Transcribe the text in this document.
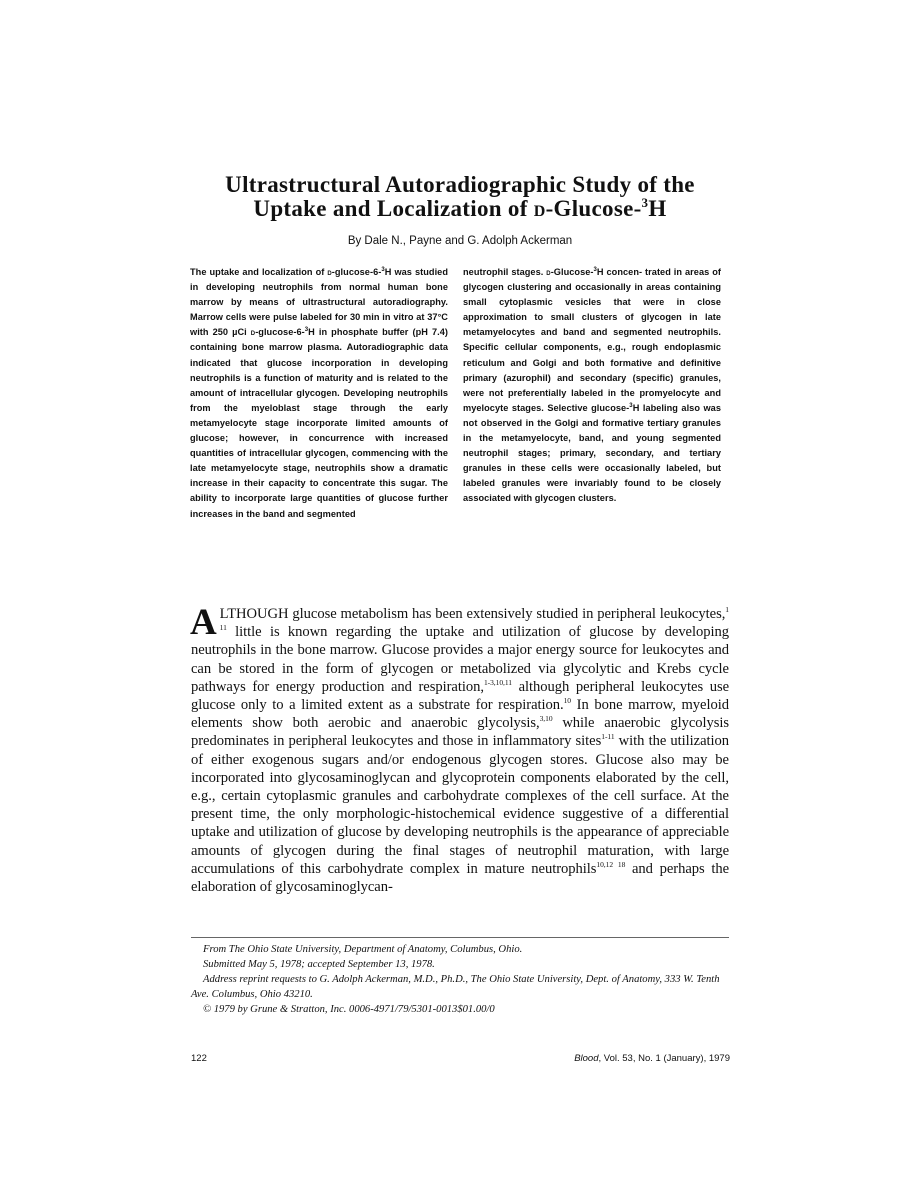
Ultrastructural Autoradiographic Study of the
Uptake and Localization of d-Glucose-$^3$H
By Dale N., Payne and G. Adolph Ackerman
The uptake and localization of d-glucose-6-$^3$H was studied in developing neutrophils from normal human bone marrow by means of ultrastructural autoradiography. Marrow cells were pulse labeled for 30 min in vitro at 37°C with 250 µCi d-glucose-6-$^3$H in phosphate buffer (pH 7.4) containing bone marrow plasma. Autoradiographic data indicated that glucose incorporation in developing neutrophils is a function of maturity and is related to the amount of intracellular glycogen. Developing neutrophils from the myeloblast stage through the early metamyelocyte stage incorporate limited amounts of glucose; however, in concurrence with increased quantities of intracellular glycogen, commencing with the late metamyelocyte stage, neutrophils show a dramatic increase in their capacity to concentrate this sugar. The ability to incorporate large quantities of glucose further increases in the band and segmented
neutrophil stages. d-Glucose-$^3$H concen- trated in areas of glycogen clustering and occasionally in areas containing small cytoplasmic vesicles that were in close approximation to small clusters of glycogen in late metamyelocytes and band and segmented neutrophils. Specific cellular components, e.g., rough endoplasmic reticulum and Golgi and both formative and definitive primary (azurophil) and secondary (specific) granules, were not preferentially labeled in the promyelocyte and myelocyte stages. Selective glucose-$^3$H labeling also was not observed in the Golgi and formative tertiary granules in the metamyelocyte, band, and young segmented neutrophil stages; primary, secondary, and tertiary granules in these cells were occasionally labeled, but labeled granules were invariably found to be closely associated with glycogen clusters.
ALTHOUGH glucose metabolism has been extensively studied in peripheral leukocytes,$^{1 11}$ little is known regarding the uptake and utilization of glucose by developing neutrophils in the bone marrow. Glucose provides a major energy source for leukocytes and can be stored in the form of glycogen or metabolized via glycolytic and Krebs cycle pathways for energy production and respiration,$^{1-3,10,11}$ although peripheral leukocytes use glucose only to a limited extent as a substrate for respiration.$^{10}$ In bone marrow, myeloid elements show both aerobic and anaerobic glycolysis,$^{3,10}$ while anaerobic glycolysis predominates in peripheral leukocytes and those in inflammatory sites$^{1-11}$ with the utilization of either exogenous sugars and/or endogenous glycogen stores. Glucose also may be incorporated into glycosaminoglycan and glycoprotein components elaborated by the cell, e.g., certain cytoplasmic granules and carbohydrate complexes of the cell surface. At the present time, the only morphologic-histochemical evidence suggestive of a differential uptake and utilization of glucose by developing neutrophils is the appearance of appreciable amounts of glycogen during the final stages of neutrophil maturation, with large accumulations of this carbohydrate complex in mature neutrophils$^{10,12 18}$ and perhaps the elaboration of glycosaminoglycan-

From The Ohio State University, Department of Anatomy, Columbus, Ohio.

Submitted May 5, 1978; accepted September 13, 1978.

Address reprint requests to G. Adolph Ackerman, M.D., Ph.D., The Ohio State University, Dept. of Anatomy, 333 W. Tenth Ave. Columbus, Ohio 43210.

© 1979 by Grune & Stratton, Inc. 0006-4971/79/5301-0013$01.00/0

122	Blood, Vol. 53, No. 1 (January), 1979
